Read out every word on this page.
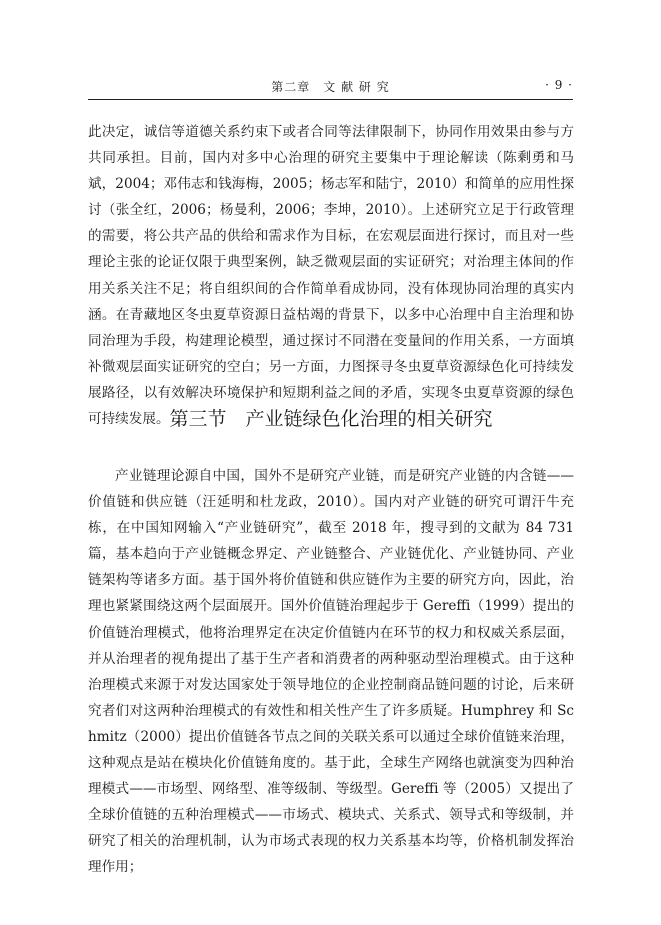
第二章　文 献 研 究	· 9 ·

此决定，诚信等道德关系约束下或者合同等法律限制下，协同作用效果由参与方共同承担。目前，国内对多中心治理的研究主要集中于理论解读（陈剩勇和马斌，2004；邓伟志和钱海梅，2005；杨志军和陆宁，2010）和简单的应用性探讨（张全红，2006；杨曼利，2006；李坤，2010）。上述研究立足于行政管理的需要，将公共产品的供给和需求作为目标，在宏观层面进行探讨，而且对一些理论主张的论证仅限于典型案例，缺乏微观层面的实证研究；对治理主体间的作用关系关注不足；将自组织间的合作简单看成协同，没有体现协同治理的真实内涵。在青藏地区冬虫夏草资源日益枯竭的背景下，以多中心治理中自主治理和协同治理为手段，构建理论模型，通过探讨不同潜在变量间的作用关系，一方面填补微观层面实证研究的空白；另一方面，力图探寻冬虫夏草资源绿色化可持续发展路径，以有效解决环境保护和短期利益之间的矛盾，实现冬虫夏草资源的绿色可持续发展。 第三节　产业链绿色化治理的相关研究

产业链理论源自中国，国外不是研究产业链，而是研究产业链的内含链——价值链和供应链（汪延明和杜龙政，2010）。国内对产业链的研究可谓汗牛充栋，在中国知网输入“产业链研究”，截至 2018 年，搜寻到的文献为 84 731 篇，基本趋向于产业链概念界定、产业链整合、产业链优化、产业链协同、产业链架构等诸多方面。基于国外将价值链和供应链作为主要的研究方向，因此，治理也紧紧围绕这两个层面展开。国外价值链治理起步于 Gereffi（1999）提出的价值链治理模式，他将治理界定在决定价值链内在环节的权力和权威关系层面，并从治理者的视角提出了基于生产者和消费者的两种驱动型治理模式。由于这种治理模式来源于对发达国家处于领导地位的企业控制商品链问题的讨论，后来研究者们对这两种治理模式的有效性和相关性产生了许多质疑。Humphrey 和 Schmitz（2000）提出价值链各节点之间的关联关系可以通过全球价值链来治理，这种观点是站在模块化价值链角度的。基于此，全球生产网络也就演变为四种治理模式——市场型、网络型、准等级制、等级型。Gereffi 等（2005）又提出了全球价值链的五种治理模式——市场式、模块式、关系式、领导式和等级制，并研究了相关的治理机制，认为市场式表现的权力关系基本均等，价格机制发挥治理作用；
